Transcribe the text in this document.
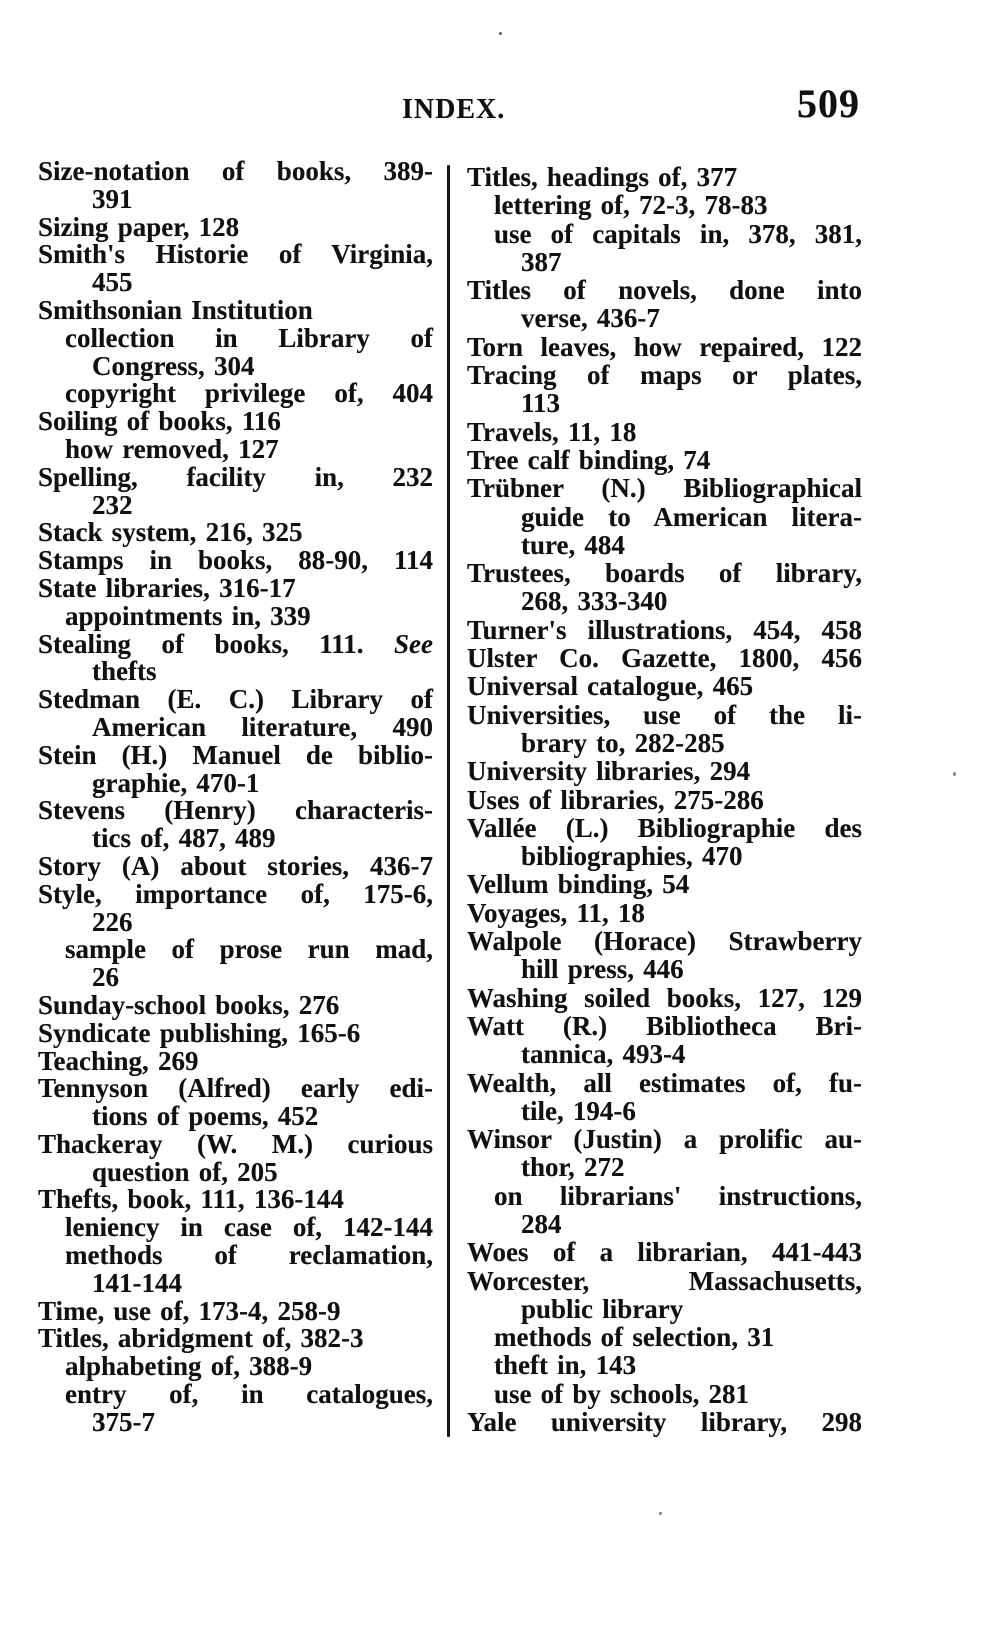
INDEX.	509
Size-notation of books, 389-
391
Sizing paper, 128
Smith's Historie of Virginia,
455
Smithsonian Institution
collection in Library of
Congress, 304
copyright privilege of, 404
Soiling of books, 116
how removed, 127
Spelling, facility in, 232
232
Stack system, 216, 325
Stamps in books, 88-90, 114
State libraries, 316-17
appointments in, 339
Stealing of books, 111. See
thefts
Stedman (E. C.) Library of
American literature, 490
Stein (H.) Manuel de biblio-
graphie, 470-1
Stevens (Henry) characteris-
tics of, 487, 489
Story (A) about stories, 436-7
Style, importance of, 175-6,
226
sample of prose run mad,
26
Sunday-school books, 276
Syndicate publishing, 165-6
Teaching, 269
Tennyson (Alfred) early edi-
tions of poems, 452
Thackeray (W. M.) curious
question of, 205
Thefts, book, 111, 136-144
leniency in case of, 142-144
methods of reclamation,
141-144
Time, use of, 173-4, 258-9
Titles, abridgment of, 382-3
alphabeting of, 388-9
entry of, in catalogues,
375-7
Titles, headings of, 377
lettering of, 72-3, 78-83
use of capitals in, 378, 381,
387
Titles of novels, done into
verse, 436-7
Torn leaves, how repaired, 122
Tracing of maps or plates,
113
Travels, 11, 18
Tree calf binding, 74
Trübner (N.) Bibliographical
guide to American litera-
ture, 484
Trustees, boards of library,
268, 333-340
Turner's illustrations, 454, 458
Ulster Co. Gazette, 1800, 456
Universal catalogue, 465
Universities, use of the li-
brary to, 282-285
University libraries, 294
Uses of libraries, 275-286
Vallée (L.) Bibliographie des
bibliographies, 470
Vellum binding, 54
Voyages, 11, 18
Walpole (Horace) Strawberry
hill press, 446
Washing soiled books, 127, 129
Watt (R.) Bibliotheca Bri-
tannica, 493-4
Wealth, all estimates of, fu-
tile, 194-6
Winsor (Justin) a prolific au-
thor, 272
on librarians' instructions,
284
Woes of a librarian, 441-443
Worcester, Massachusetts,
public library
methods of selection, 31
theft in, 143
use of by schools, 281
Yale university library, 298
